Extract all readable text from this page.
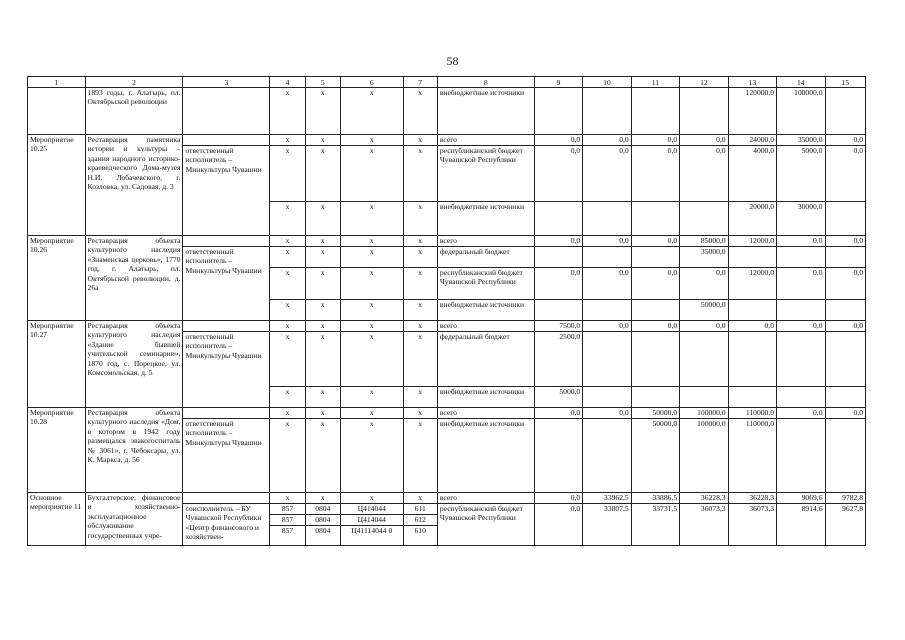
58
1	2	3	4	5	6	7	8	9	10	11	12	13	14	15
	1893 годы, г. Алатырь, пл. Октябрьской революции		x	x	x	x	внебюджетные источники					120000,0	100000,0	
Мероприятие 10.25	Реставрация памятника истории и культуры – здания народного историко-краеведческого Дома-музея Н.И. Лобачевского, г. Козловка, ул. Садовая, д. 3		x	x	x	x	всего	0,0	0,0	0,0	0,0	24000,0	35000,0	0,0
		ответственный исполнитель – Минкультуры Чувашии	x	x	x	x	республиканский бюджет Чувашской Республики	0,0	0,0	0,0	0,0	4000,0	5000,0	0,0
			x	x	x	x	внебюджетные источники					20000,0	30000,0	
Мероприятие 10.26	Реставрация объекта культурного наследия «Знаменская церковь», 1770 год, г. Алатырь, пл. Октябрьской революции, д. 26а		x	x	x	x	всего	0,0	0,0	0,0	85000,0	12000,0	0,0	0,0
		ответственный исполнитель – Минкультуры Чувашии	x	x	x	x	федеральный бюджет				35000,0			
			x	x	x	x	республиканский бюджет Чувашской Республики	0,0	0,0	0,0	0,0	12000,0	0,0	0,0
			x	x	x	x	внебюджетные источники				50000,0			
Мероприятие 10.27	Реставрация объекта культурного наследия «Здание бывшей учительской семинарии», 1870 год, с. Порецкое, ул. Комсомольская, д. 5		x	x	x	x	всего	7500,0	0,0	0,0	0,0	0,0	0,0	0,0
		ответственный исполнитель – Минкультуры Чувашии	x	x	x	x	федеральный бюджет	2500,0						
			x	x	x	x	внебюджетные источники	5000,0						
Мероприятие 10.28	Реставрация объекта культурного наследия «Дом, в котором в 1942 году размещался эвакогоспиталь № 3061», г. Чебоксары, ул. К. Маркса, д. 56		x	x	x	x	всего	0,0	0,0	50000,0	100000,0	110000,0	0,0	0,0
		ответственный исполнитель – Минкультуры Чувашии	x	x	x	x	внебюджетные источники			50000,0	100000,0	110000,0		
Основное мероприятие 11	Бухгалтерское, финансовое и хозяйственно-эксплуатационное обслуживание государственных учре-		x	x	x	x	всего	0,0	33962,5	33886,5	36228,3	36228,3	9069,6	9782,8
		соисполнитель – БУ Чувашской Республики «Центр финансового и хозяйствен-	857	0804	Ц414044	611	республиканский бюджет Чувашской Республики	0,0	33807,5	33731,5	36073,3	36073,3	8914,6	9627,8
			857	0804	Ц414044	612								
			857	0804	Ц41114044 0	610								
